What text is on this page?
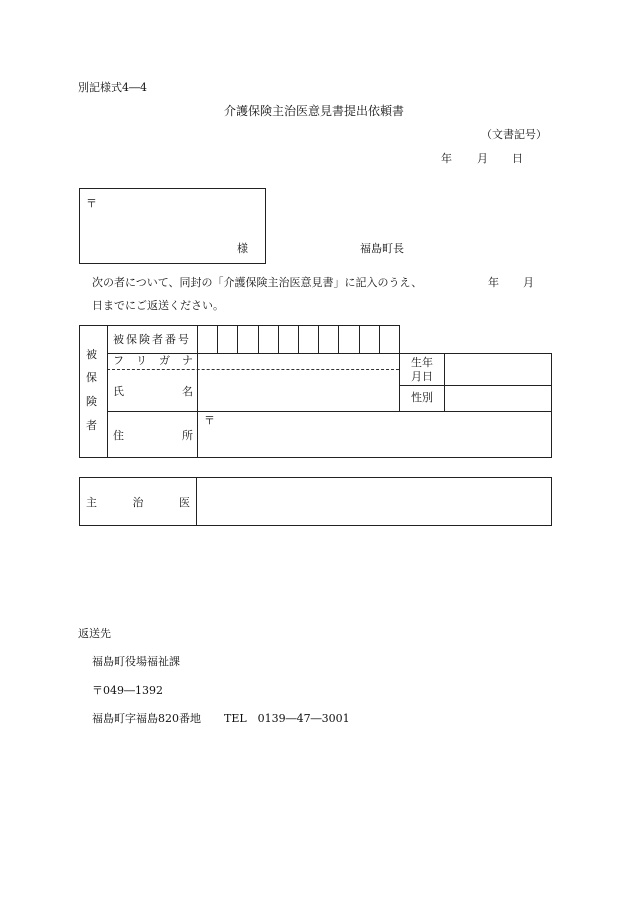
別記様式4―4
介護保険主治医意見書提出依頼書
（文書記号）
年 月 日
〒
様	福島町長
次の者について、同封の「介護保険主治医意見書」に記入のうえ、	年 月
日までにご返送ください。
被
保
険
者
被保険者番号
フ リ ガ ナ
氏	名
生年
月日
性別
住	所
〒
主	治	医
返送先
福島町役場福祉課
〒049―1392
福島町字福島820番地 TEL　0139―47―3001
